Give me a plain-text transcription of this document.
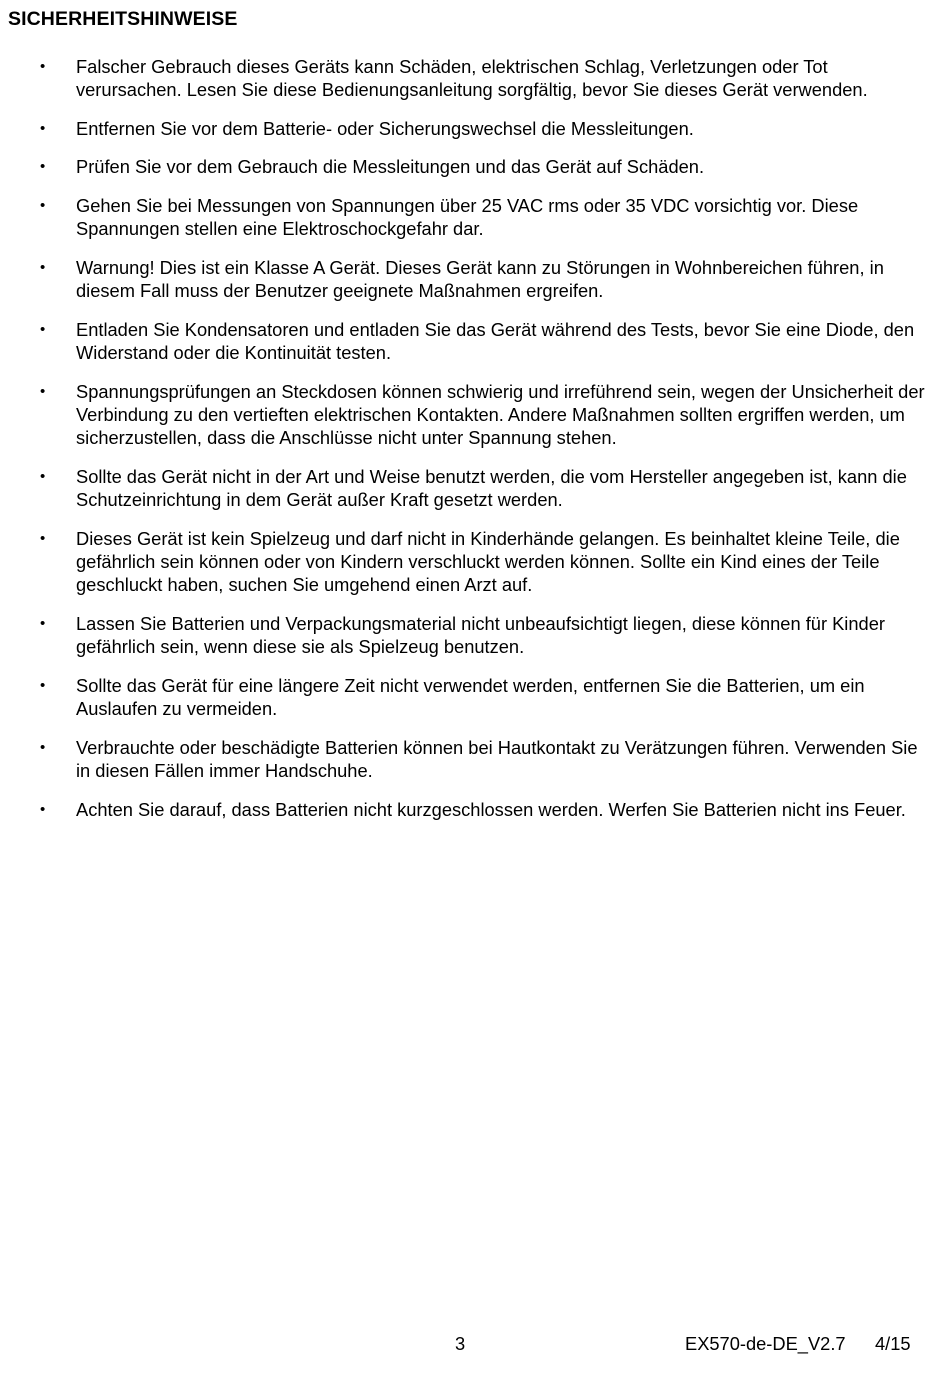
SICHERHEITSHINWEISE
• Falscher Gebrauch dieses Geräts kann Schäden, elektrischen Schlag, Verletzungen oder Tot verursachen. Lesen Sie diese Bedienungsanleitung sorgfältig, bevor Sie dieses Gerät verwenden.
• Entfernen Sie vor dem Batterie- oder Sicherungswechsel die Messleitungen.
• Prüfen Sie vor dem Gebrauch die Messleitungen und das Gerät auf Schäden.
• Gehen Sie bei Messungen von Spannungen über 25 VAC rms oder 35 VDC vorsichtig vor. Diese Spannungen stellen eine Elektroschockgefahr dar.
• Warnung! Dies ist ein Klasse A Gerät. Dieses Gerät kann zu Störungen in Wohnbereichen führen, in diesem Fall muss der Benutzer geeignete Maßnahmen ergreifen.
• Entladen Sie Kondensatoren und entladen Sie das Gerät während des Tests, bevor Sie eine Diode, den Widerstand oder die Kontinuität testen.
• Spannungsprüfungen an Steckdosen können schwierig und irreführend sein, wegen der Unsicherheit der Verbindung zu den vertieften elektrischen Kontakten. Andere Maßnahmen sollten ergriffen werden, um sicherzustellen, dass die Anschlüsse nicht unter Spannung stehen.
• Sollte das Gerät nicht in der Art und Weise benutzt werden, die vom Hersteller angegeben ist, kann die Schutzeinrichtung in dem Gerät außer Kraft gesetzt werden.
• Dieses Gerät ist kein Spielzeug und darf nicht in Kinderhände gelangen. Es beinhaltet kleine Teile, die gefährlich sein können oder von Kindern verschluckt werden können. Sollte ein Kind eines der Teile geschluckt haben, suchen Sie umgehend einen Arzt auf.
• Lassen Sie Batterien und Verpackungsmaterial nicht unbeaufsichtigt liegen, diese können für Kinder gefährlich sein, wenn diese sie als Spielzeug benutzen.
• Sollte das Gerät für eine längere Zeit nicht verwendet werden, entfernen Sie die Batterien, um ein Auslaufen zu vermeiden.
• Verbrauchte oder beschädigte Batterien können bei Hautkontakt zu Verätzungen führen. Verwenden Sie in diesen Fällen immer Handschuhe.
• Achten Sie darauf, dass Batterien nicht kurzgeschlossen werden. Werfen Sie Batterien nicht ins Feuer.
3	EX570-de-DE_V2.7 4/15
